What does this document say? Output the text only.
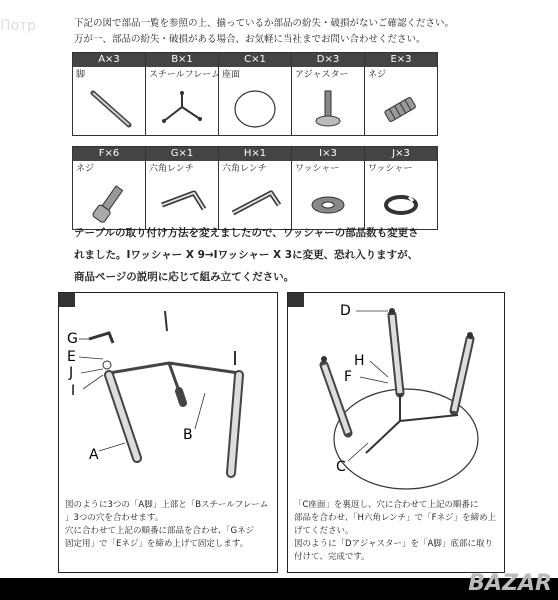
Потр	下記の図で部品一覧を参照の上、揃っているか部品の紛失・破損がないご確認ください。
万が一、部品の紛失・破損がある場合、お気軽に当社までお問い合わせください。
A×3
脚
B×1
スチールフレーム
C×1
座面
D×3
アジャスター
E×3
ネジ
F×6
ネジ
G×1
六角レンチ
H×1
六角レンチ
I×3
ワッシャー
J×3
ワッシャー
テーブルの取り付け方法を変えましたので、ワッシャーの部品数も変更さ
れました。Iワッシャー X 9→Iワッシャー X 3に変更、恐れ入りますが、
商品ページの説明に応じて組み立てください。
G
E
J
I
A
B
図のように3つの「A脚」上部と「Bスチールフレーム
」3つの穴を合わせます。
穴に合わせて上記の順番に部品を合わせ、「Gネジ
固定用」で「Eネジ」を締め上げて固定します。
D
H
F
C
「C座面」を裏返し、穴に合わせて上記の順番に
部品を合わせ、「H六角レンチ」で「Fネジ」を締め上
げてください。
図のように「Dアジャスター」を「A脚」底部に取り
付けて、完成です。
BAZAR
